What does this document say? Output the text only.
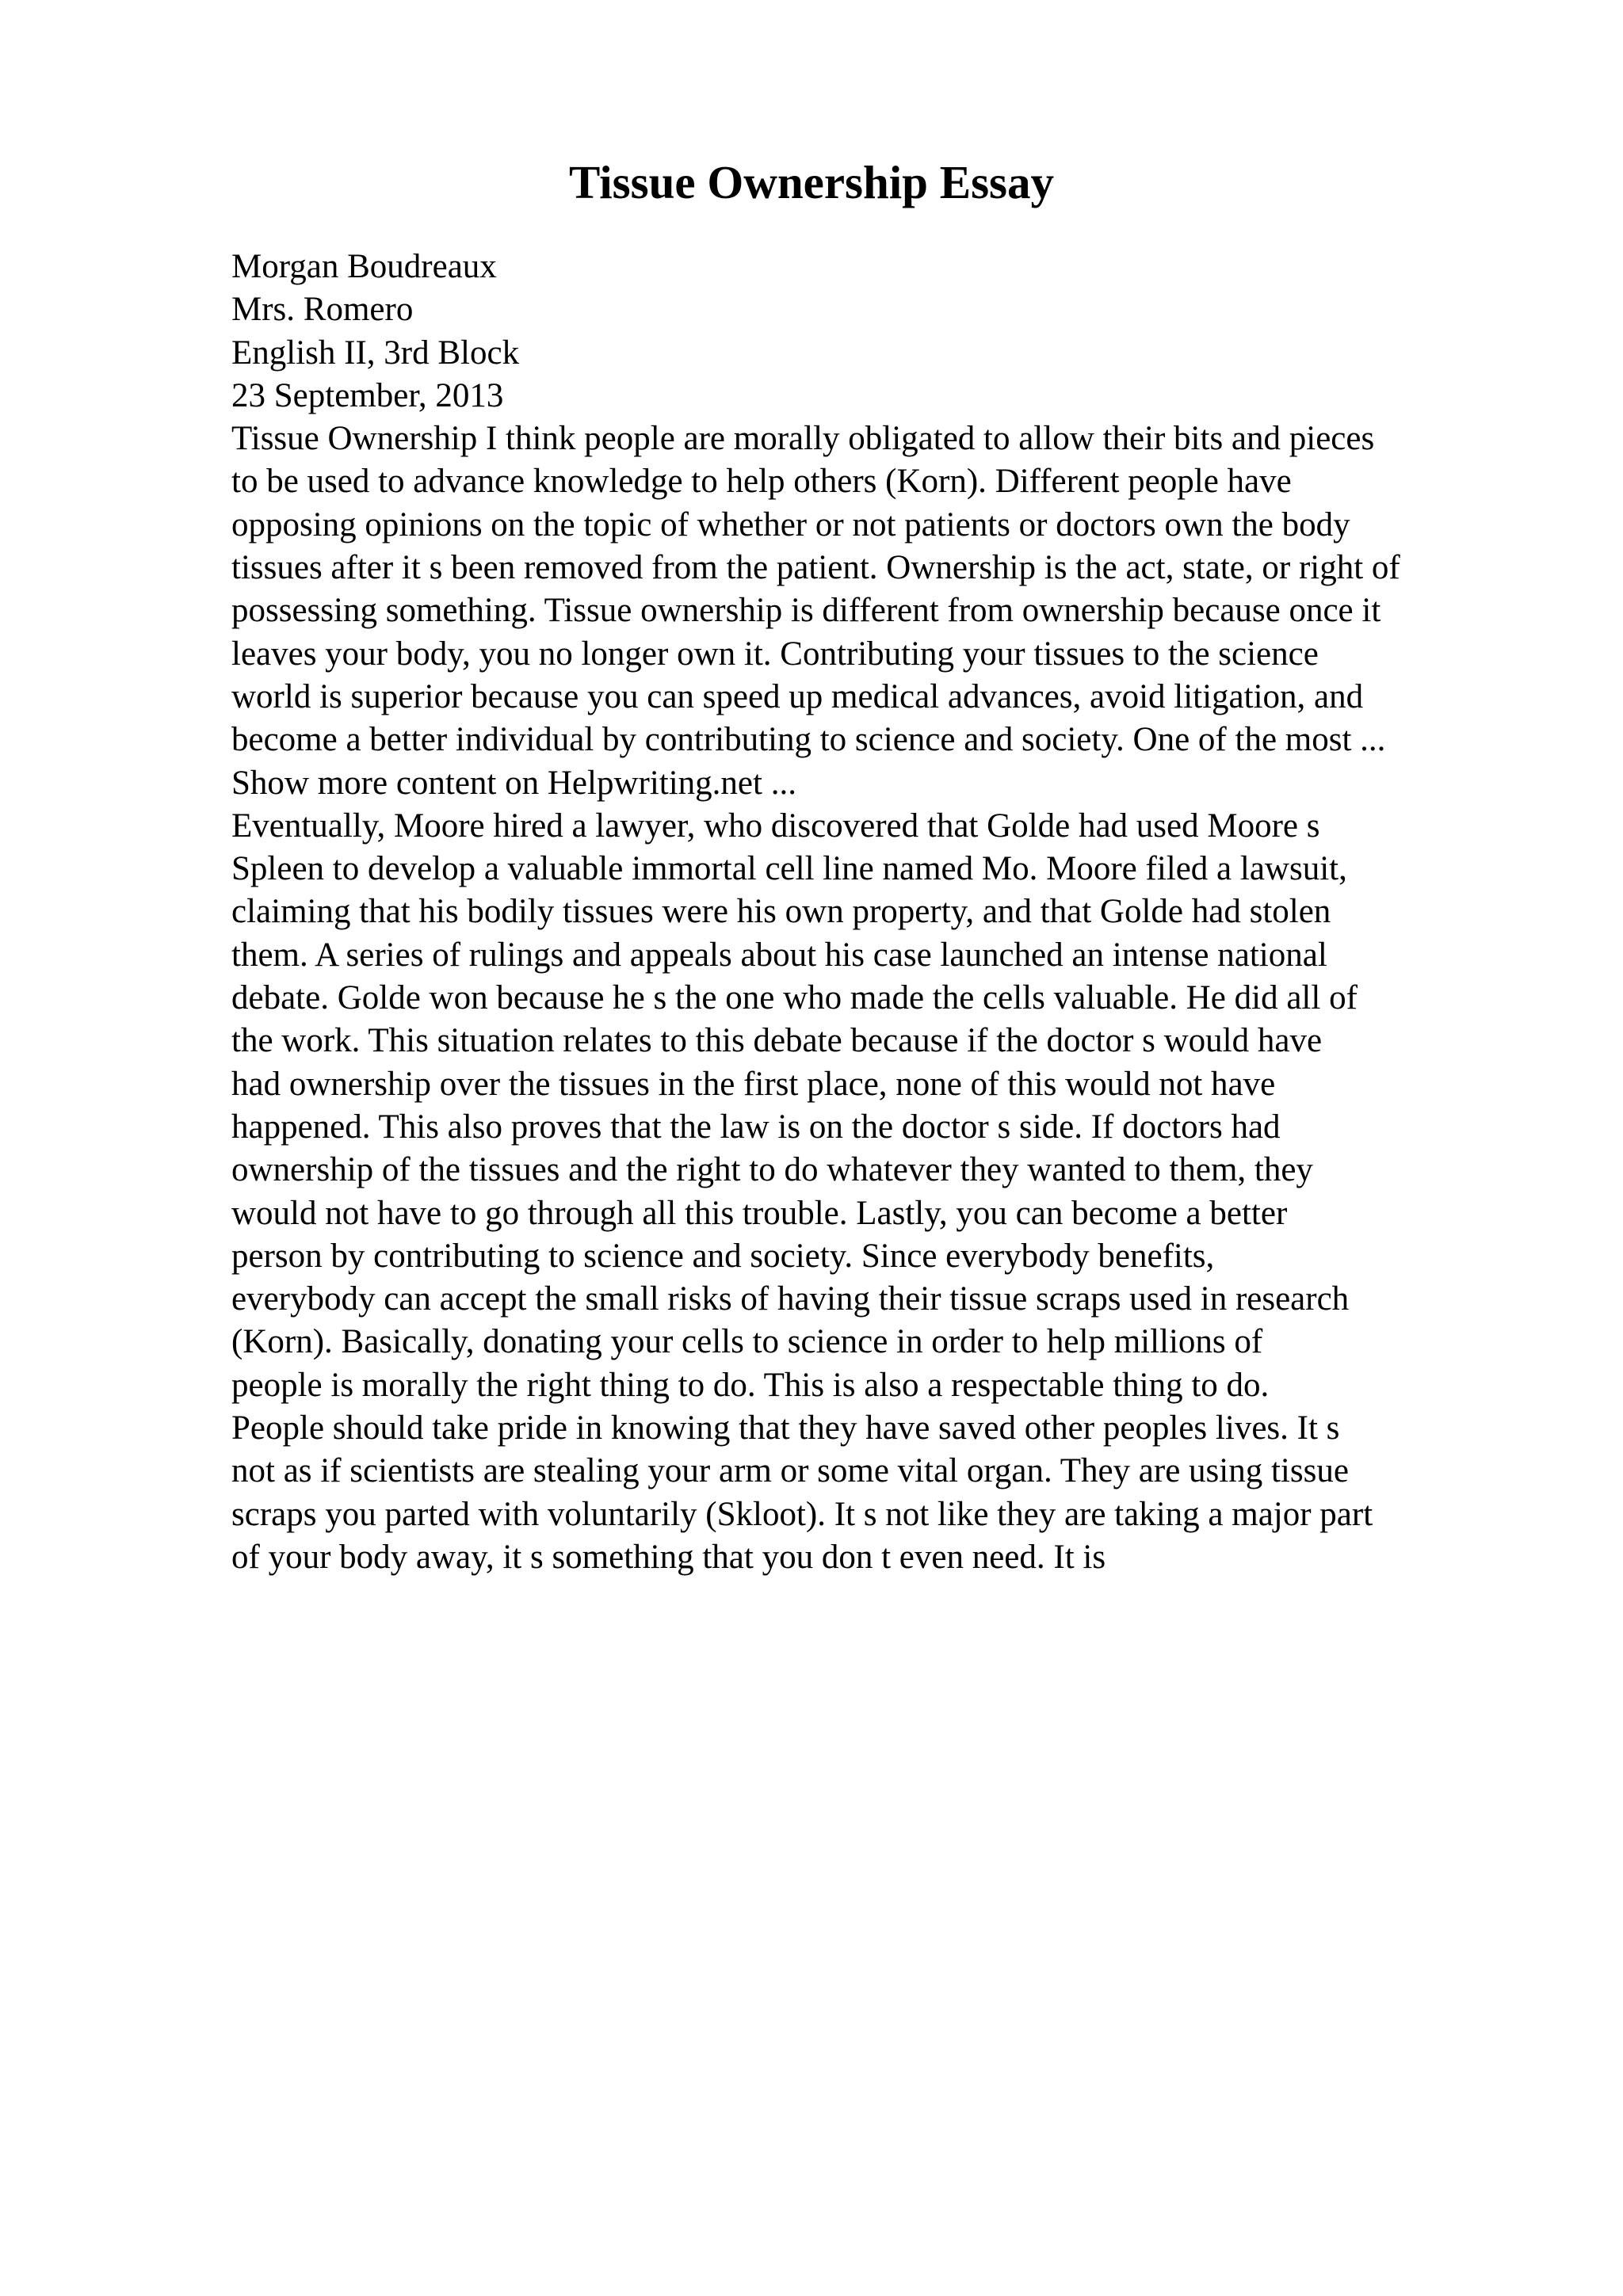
Tissue Ownership Essay
Morgan Boudreaux
Mrs. Romero
English II, 3rd Block
23 September, 2013
Tissue Ownership I think people are morally obligated to allow their bits and pieces
to be used to advance knowledge to help others (Korn). Different people have
opposing opinions on the topic of whether or not patients or doctors own the body
tissues after it s been removed from the patient. Ownership is the act, state, or right of
possessing something. Tissue ownership is different from ownership because once it
leaves your body, you no longer own it. Contributing your tissues to the science
world is superior because you can speed up medical advances, avoid litigation, and
become a better individual by contributing to science and society. One of the most ...
Show more content on Helpwriting.net ...
Eventually, Moore hired a lawyer, who discovered that Golde had used Moore s
Spleen to develop a valuable immortal cell line named Mo. Moore filed a lawsuit,
claiming that his bodily tissues were his own property, and that Golde had stolen
them. A series of rulings and appeals about his case launched an intense national
debate. Golde won because he s the one who made the cells valuable. He did all of
the work. This situation relates to this debate because if the doctor s would have
had ownership over the tissues in the first place, none of this would not have
happened. This also proves that the law is on the doctor s side. If doctors had
ownership of the tissues and the right to do whatever they wanted to them, they
would not have to go through all this trouble. Lastly, you can become a better
person by contributing to science and society. Since everybody benefits,
everybody can accept the small risks of having their tissue scraps used in research
(Korn). Basically, donating your cells to science in order to help millions of
people is morally the right thing to do. This is also a respectable thing to do.
People should take pride in knowing that they have saved other peoples lives. It s
not as if scientists are stealing your arm or some vital organ. They are using tissue
scraps you parted with voluntarily (Skloot). It s not like they are taking a major part
of your body away, it s something that you don t even need. It is
